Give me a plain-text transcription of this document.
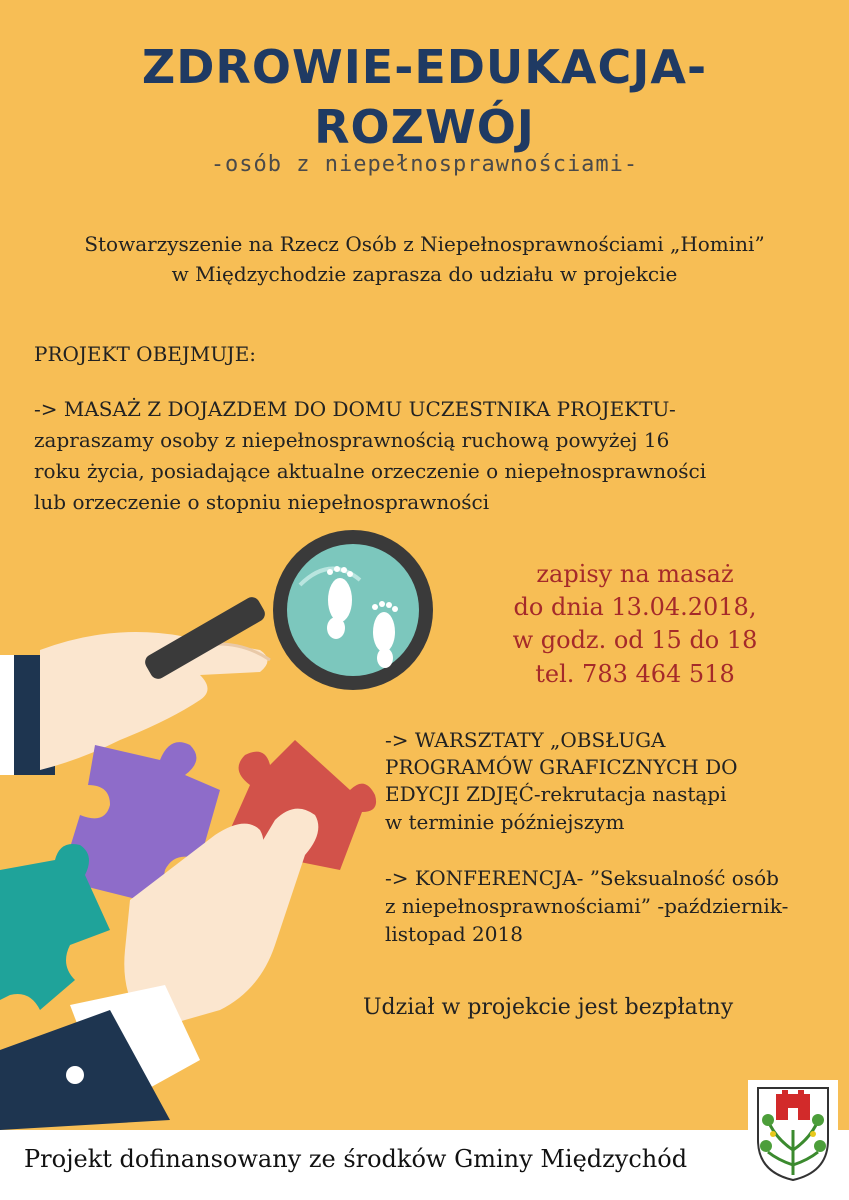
ZDROWIE-EDUKACJA-
ROZWÓJ
-osób z niepełnosprawnościami-
Stowarzyszenie na Rzecz Osób z Niepełnosprawnościami „Homini”
w Międzychodzie zaprasza do udziału w projekcie
PROJEKT OBEJMUJE:
-> MASAŻ Z DOJAZDEM DO DOMU UCZESTNIKA PROJEKTU-
zapraszamy osoby z niepełnosprawnością ruchową powyżej 16
roku życia, posiadające aktualne orzeczenie o niepełnosprawności
lub orzeczenie o stopniu niepełnosprawności
zapisy na masaż
do dnia 13.04.2018,
w godz. od 15 do 18
tel. 783 464 518
-> WARSZTATY „OBSŁUGA
PROGRAMÓW GRAFICZNYCH DO
EDYCJI ZDJĘĆ-rekrutacja nastąpi
w terminie późniejszym
-> KONFERENCJA- ”Seksualność osób
z niepełnosprawnościami” -październik-
listopad 2018
Udział w projekcie jest bezpłatny
Projekt dofinansowany ze środków Gminy Międzychód
